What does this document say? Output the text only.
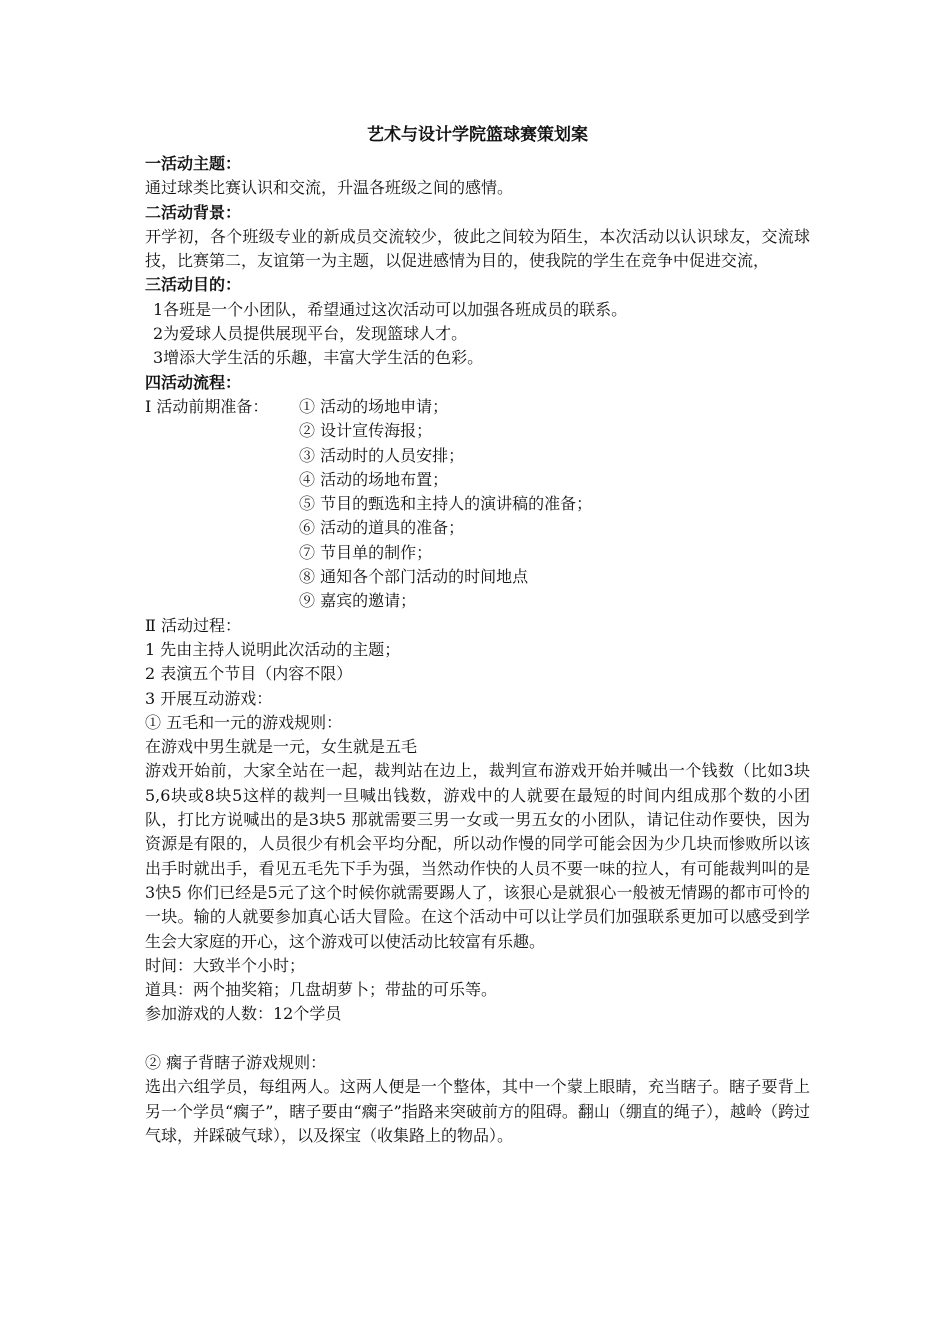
艺术与设计学院篮球赛策划案
一活动主题：
通过球类比赛认识和交流，升温各班级之间的感情。
二活动背景：
开学初，各个班级专业的新成员交流较少，彼此之间较为陌生，本次活动以认识球友，交流球技，比赛第二，友谊第一为主题，以促进感情为目的，使我院的学生在竞争中促进交流，
三活动目的：
1各班是一个小团队，希望通过这次活动可以加强各班成员的联系。
2为爱球人员提供展现平台，发现篮球人才。
3增添大学生活的乐趣，丰富大学生活的色彩。
四活动流程：
Ⅰ 活动前期准备：	① 活动的场地申请；
② 设计宣传海报；
③ 活动时的人员安排；
④ 活动的场地布置；
⑤ 节目的甄选和主持人的演讲稿的准备；
⑥ 活动的道具的准备；
⑦ 节目单的制作；
⑧ 通知各个部门活动的时间地点
⑨ 嘉宾的邀请；
Ⅱ 活动过程：
1 先由主持人说明此次活动的主题；
2 表演五个节目（内容不限）
3 开展互动游戏：
① 五毛和一元的游戏规则：
在游戏中男生就是一元，女生就是五毛
游戏开始前，大家全站在一起，裁判站在边上，裁判宣布游戏开始并喊出一个钱数（比如3块5,6块或8块5这样的裁判一旦喊出钱数，游戏中的人就要在最短的时间内组成那个数的小团队，打比方说喊出的是3块5 那就需要三男一女或一男五女的小团队，请记住动作要快，因为资源是有限的，人员很少有机会平均分配，所以动作慢的同学可能会因为少几块而惨败所以该出手时就出手，看见五毛先下手为强，当然动作快的人员不要一味的拉人，有可能裁判叫的是3快5 你们已经是5元了这个时候你就需要踢人了，该狠心是就狠心一般被无情踢的都市可怜的一块。输的人就要参加真心话大冒险。在这个活动中可以让学员们加强联系更加可以感受到学生会大家庭的开心，这个游戏可以使活动比较富有乐趣。
时间：大致半个小时；
道具：两个抽奖箱；几盘胡萝卜；带盐的可乐等。
参加游戏的人数：12个学员
② 瘸子背瞎子游戏规则：
选出六组学员，每组两人。这两人便是一个整体，其中一个蒙上眼睛，充当瞎子。瞎子要背上另一个学员“瘸子”，瞎子要由“瘸子”指路来突破前方的阻碍。翻山（绷直的绳子），越岭（跨过气球，并踩破气球），以及探宝（收集路上的物品）。
